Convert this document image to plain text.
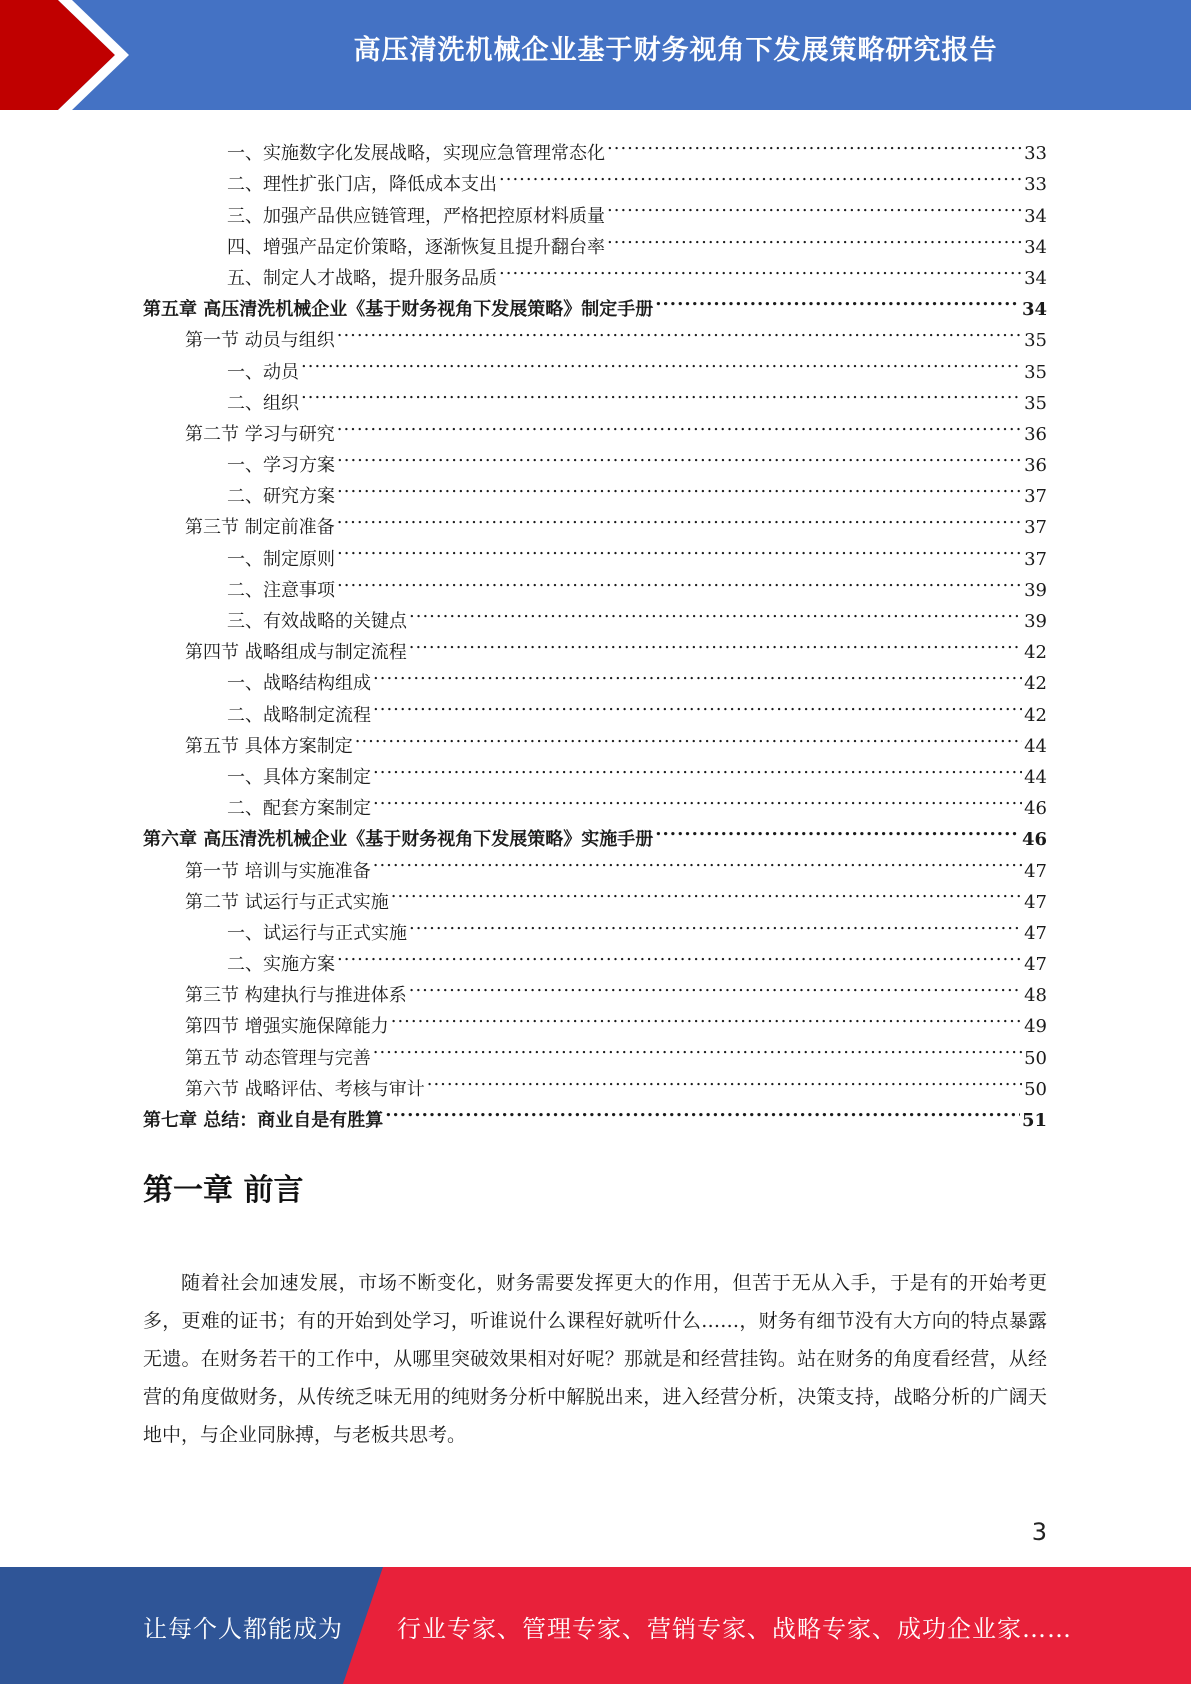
高压清洗机械企业基于财务视角下发展策略研究报告
一、实施数字化发展战略，实现应急管理常态化 .....	33
二、理性扩张门店，降低成本支出 .....	33
三、加强产品供应链管理，严格把控原材料质量 .....	34
四、增强产品定价策略，逐渐恢复且提升翻台率 .....	34
五、制定人才战略，提升服务品质 .....	34
第五章 高压清洗机械企业《基于财务视角下发展策略》制定手册 .....	34
第一节 动员与组织 .....	35
一、动员 .....	35
二、组织 .....	35
第二节 学习与研究 .....	36
一、学习方案 .....	36
二、研究方案 .....	37
第三节 制定前准备 .....	37
一、制定原则 .....	37
二、注意事项 .....	39
三、有效战略的关键点 .....	39
第四节 战略组成与制定流程 .....	42
一、战略结构组成 .....	42
二、战略制定流程 .....	42
第五节 具体方案制定 .....	44
一、具体方案制定 .....	44
二、配套方案制定 .....	46
第六章 高压清洗机械企业《基于财务视角下发展策略》实施手册 .....	46
第一节 培训与实施准备 .....	47
第二节 试运行与正式实施 .....	47
一、试运行与正式实施 .....	47
二、实施方案 .....	47
第三节 构建执行与推进体系 .....	48
第四节 增强实施保障能力 .....	49
第五节 动态管理与完善 .....	50
第六节 战略评估、考核与审计 .....	50
第七章 总结：商业自是有胜算 .....	51
第一章 前言
随着社会加速发展，市场不断变化，财务需要发挥更大的作用，但苦于无从入手，于是有的开始考更多，更难的证书；有的开始到处学习，听谁说什么课程好就听什么……，财务有细节没有大方向的特点暴露无遗。在财务若干的工作中，从哪里突破效果相对好呢？那就是和经营挂钩。站在财务的角度看经营，从经营的角度做财务，从传统乏味无用的纯财务分析中解脱出来，进入经营分析，决策支持，战略分析的广阔天地中，与企业同脉搏，与老板共思考。
3
让每个人都能成为 行业专家、管理专家、营销专家、战略专家、成功企业家……
